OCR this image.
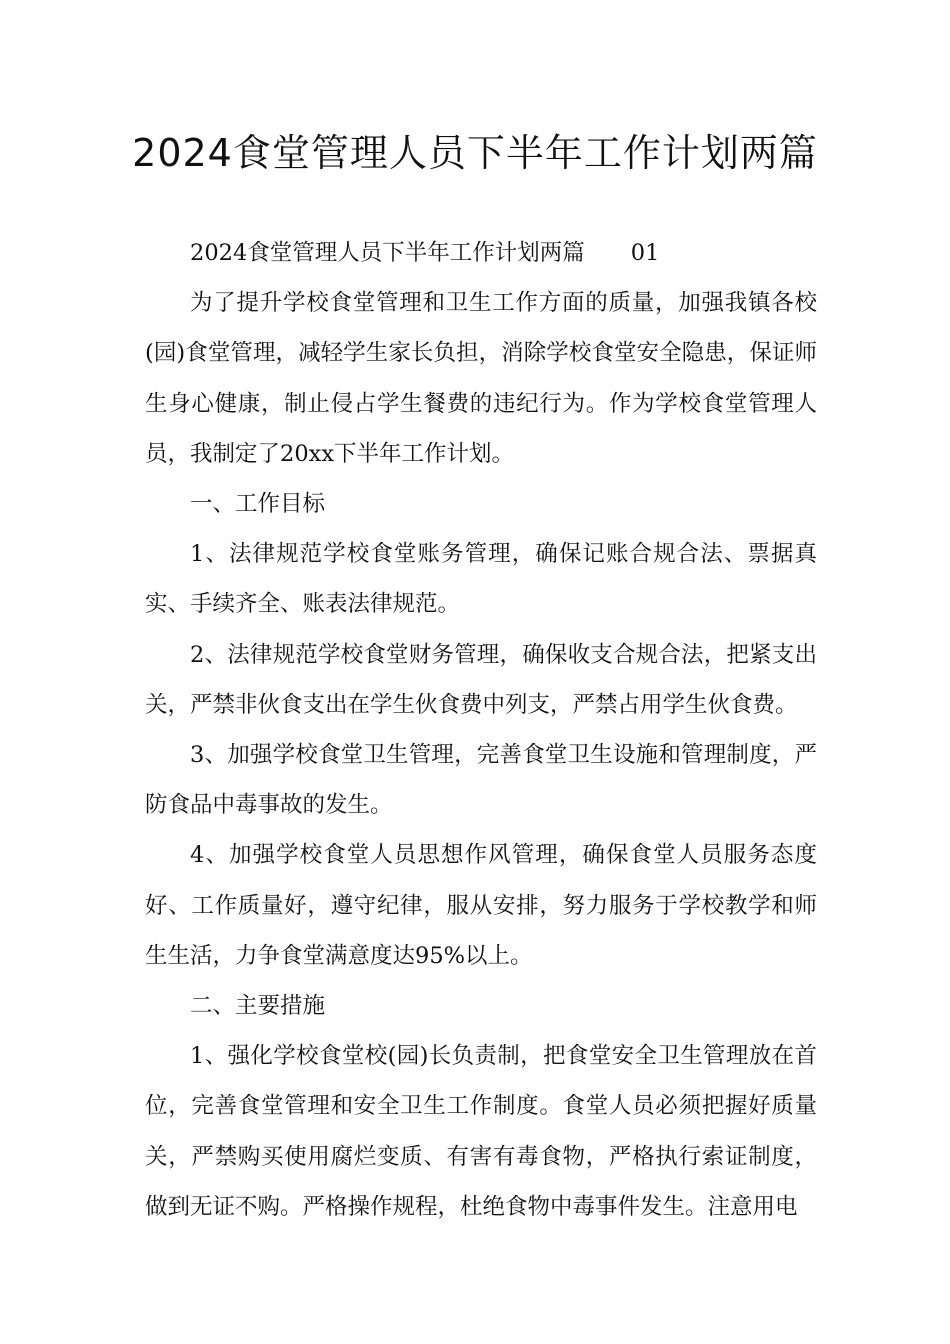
2024食堂管理人员下半年工作计划两篇

2024食堂管理人员下半年工作计划两篇 01

为了提升学校食堂管理和卫生工作方面的质量，加强我镇各校(园)食堂管理，减轻学生家长负担，消除学校食堂安全隐患，保证师生身心健康，制止侵占学生餐费的违纪行为。作为学校食堂管理人员，我制定了20xx下半年工作计划。

一、工作目标

1、法律规范学校食堂账务管理，确保记账合规合法、票据真实、手续齐全、账表法律规范。

2、法律规范学校食堂财务管理，确保收支合规合法，把紧支出关，严禁非伙食支出在学生伙食费中列支，严禁占用学生伙食费。

3、加强学校食堂卫生管理，完善食堂卫生设施和管理制度，严防食品中毒事故的发生。

4、加强学校食堂人员思想作风管理，确保食堂人员服务态度好、工作质量好，遵守纪律，服从安排，努力服务于学校教学和师生生活，力争食堂满意度达95%以上。

二、主要措施

1、强化学校食堂校(园)长负责制，把食堂安全卫生管理放在首位，完善食堂管理和安全卫生工作制度。食堂人员必须把握好质量关，严禁购买使用腐烂变质、有害有毒食物，严格执行索证制度，做到无证不购。严格操作规程，杜绝食物中毒事件发生。注意用电
